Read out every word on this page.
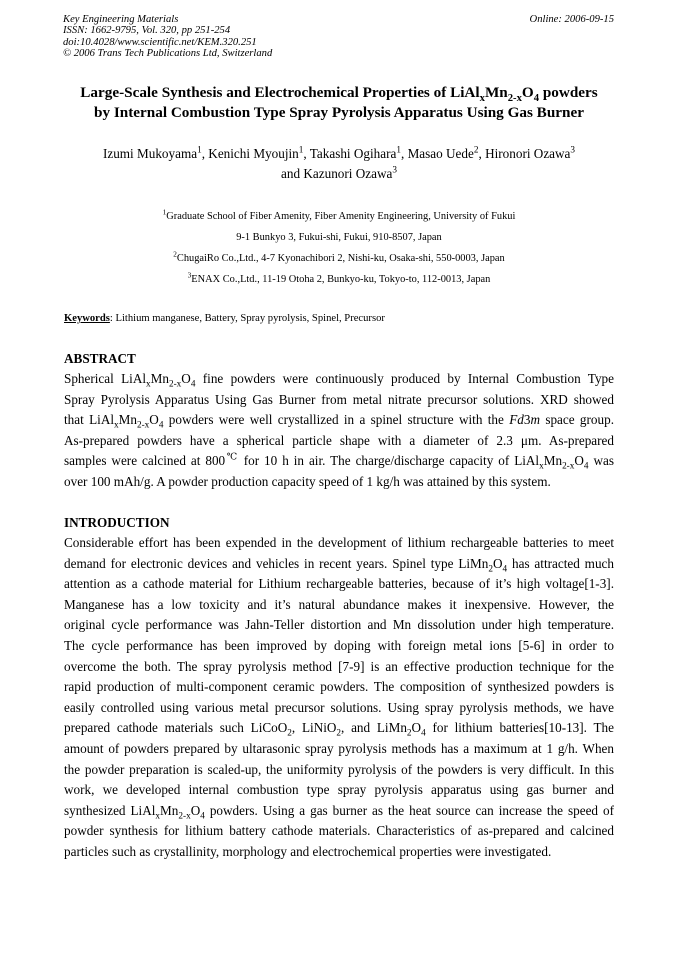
Key Engineering Materials
ISSN: 1662-9795, Vol. 320, pp 251-254
doi:10.4028/www.scientific.net/KEM.320.251
© 2006 Trans Tech Publications Ltd, Switzerland
Online: 2006-09-15
Large-Scale Synthesis and Electrochemical Properties of $LiAl_xMn_{2-x}O_4$ powders
by Internal Combustion Type Spray Pyrolysis Apparatus Using Gas Burner
Izumi Mukoyama$^1$, Kenichi Myoujin$^1$, Takashi Ogihara$^1$, Masao Uede$^2$, Hironori Ozawa$^3$
and Kazunori Ozawa$^3$
$^1$Graduate School of Fiber Amenity, Fiber Amenity Engineering, University of Fukui
9-1 Bunkyo 3, Fukui-shi, Fukui, 910-8507, Japan
$^2$ChugaiRo Co.,Ltd., 4-7 Kyonachibori 2, Nishi-ku, Osaka-shi, 550-0003, Japan
$^3$ENAX Co.,Ltd., 11-19 Otoha 2, Bunkyo-ku, Tokyo-to, 112-0013, Japan
Keywords: Lithium manganese, Battery, Spray pyrolysis, Spinel, Precursor
ABSTRACT
Spherical $LiAl_xMn_{2-x}O_4$ fine powders were continuously produced by Internal Combustion Type
Spray Pyrolysis Apparatus Using Gas Burner from metal nitrate precursor solutions. XRD showed
that $LiAl_xMn_{2-x}O_4$ powders were well crystallized in a spinel structure with the Fd3m space group.
As-prepared powders have a spherical particle shape with a diameter of 2.3 μm. As-prepared
samples were calcined at 800℃ for 10 h in air. The charge/discharge capacity of $LiAl_xMn_{2-x}O_4$ was
over 100 mAh/g. A powder production capacity speed of 1 kg/h was attained by this system.
INTRODUCTION
Considerable effort has been expended in the development of lithium rechargeable batteries to meet
demand for electronic devices and vehicles in recent years. Spinel type $LiMn_2O_4$ has attracted much
attention as a cathode material for Lithium rechargeable batteries, because of it’s high voltage[1-3].
Manganese has a low toxicity and it’s natural abundance makes it inexpensive. However, the
original cycle performance was Jahn-Teller distortion and Mn dissolution under high temperature.
The cycle performance has been improved by doping with foreign metal ions [5-6] in order to
overcome the both. The spray pyrolysis method [7-9] is an effective production technique for the
rapid production of multi-component ceramic powders. The composition of synthesized powders is
easily controlled using various metal precursor solutions. Using spray pyrolysis methods, we have
prepared cathode materials such LiCoO$_2$, LiNiO$_2$, and $LiMn_2O_4$ for lithium batteries[10-13]. The
amount of powders prepared by ultarasonic spray pyrolysis methods has a maximum at 1 g/h. When
the powder preparation is scaled-up, the uniformity pyrolysis of the powders is very difficult. In this
work, we developed internal combustion type spray pyrolysis apparatus using gas burner and
synthesized $LiAl_xMn_{2-x}O_4$ powders. Using a gas burner as the heat source can increase the speed of
powder synthesis for lithium battery cathode materials. Characteristics of as-prepared and calcined
particles such as crystallinity, morphology and electrochemical properties were investigated.
